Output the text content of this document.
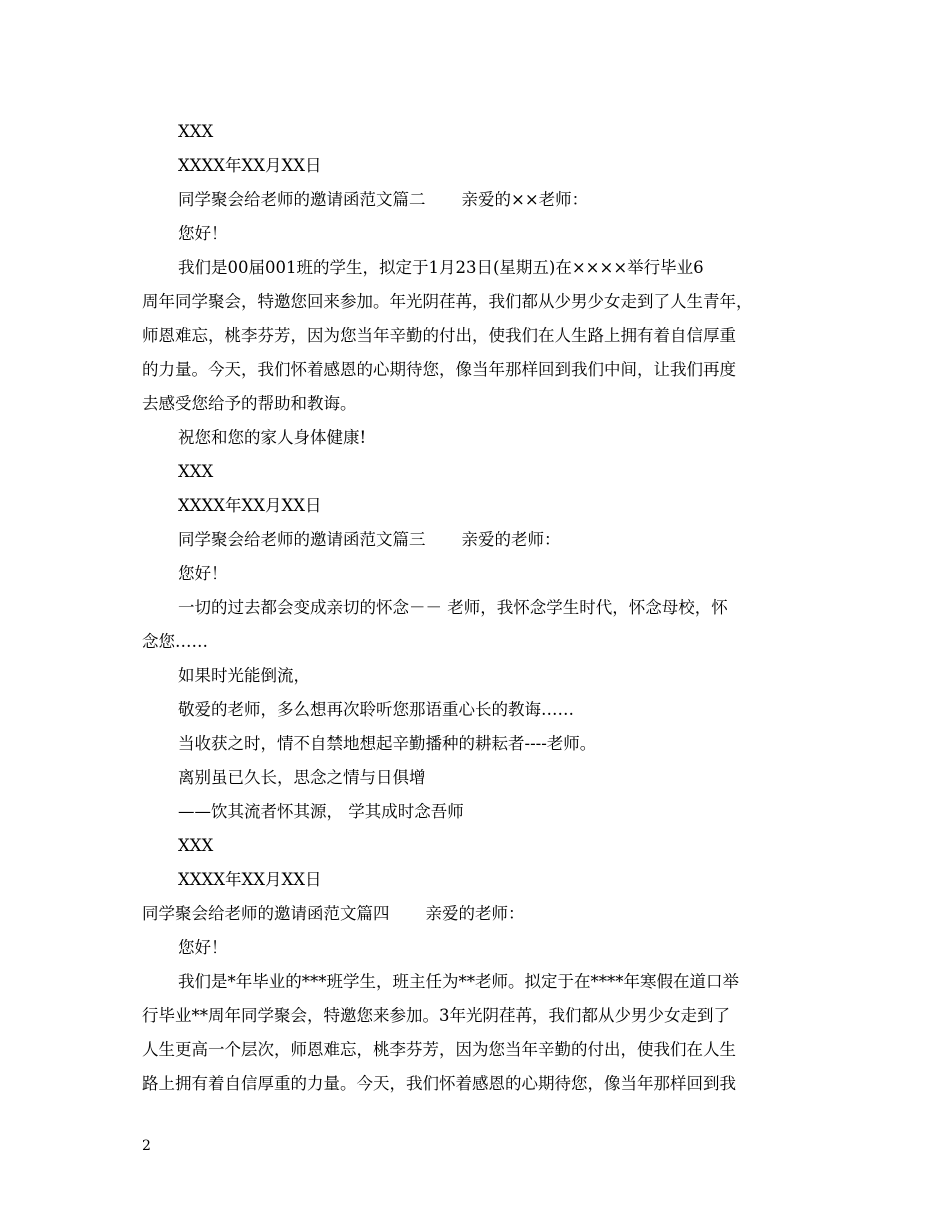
XXX
XXXX年XX月XX日
同学聚会给老师的邀请函范文篇二 亲爱的××老师：
您好！
我们是00届001班的学生，拟定于1月23日(星期五)在××××举行毕业6
周年同学聚会，特邀您回来参加。年光阴荏苒，我们都从少男少女走到了人生青年，
师恩难忘，桃李芬芳，因为您当年辛勤的付出，使我们在人生路上拥有着自信厚重
的力量。今天，我们怀着感恩的心期待您，像当年那样回到我们中间，让我们再度
去感受您给予的帮助和教诲。
祝您和您的家人身体健康!
XXX
XXXX年XX月XX日
同学聚会给老师的邀请函范文篇三 亲爱的老师：
您好！
一切的过去都会变成亲切的怀念－－ 老师，我怀念学生时代，怀念母校，怀
念您……
如果时光能倒流，
敬爱的老师，多么想再次聆听您那语重心长的教诲……
当收获之时，情不自禁地想起辛勤播种的耕耘者----老师。
离别虽已久长，思念之情与日俱增
——饮其流者怀其源， 学其成时念吾师
XXX
XXXX年XX月XX日
同学聚会给老师的邀请函范文篇四 亲爱的老师：
您好！
我们是*年毕业的***班学生，班主任为**老师。拟定于在****年寒假在道口举
行毕业**周年同学聚会，特邀您来参加。3年光阴荏苒，我们都从少男少女走到了
人生更高一个层次，师恩难忘，桃李芬芳，因为您当年辛勤的付出，使我们在人生
路上拥有着自信厚重的力量。今天，我们怀着感恩的心期待您，像当年那样回到我
2
